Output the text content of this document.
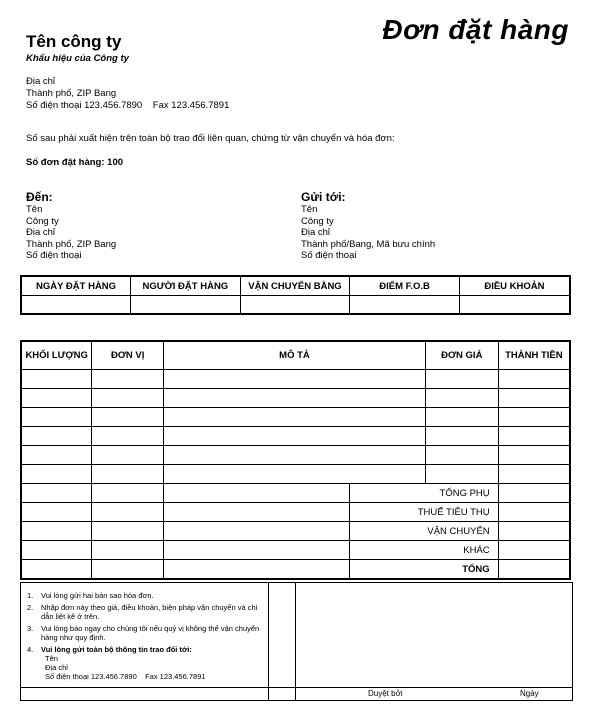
Đơn đặt hàng
Tên công ty
Khẩu hiệu của Công ty
Địa chỉ
Thành phố, ZIP Bang
Số điện thoại 123.456.7890    Fax 123.456.7891
Số sau phải xuất hiện trên toàn bộ trao đổi liên quan, chứng từ vận chuyển và hóa đơn:
Số đơn đặt hàng: 100
Đến:
Tên
Công ty
Địa chỉ
Thành phố, ZIP Bang
Số điện thoại
Gửi tới:
Tên
Công ty
Địa chỉ
Thành phố/Bang, Mã bưu chính
Số điện thoại
NGÀY ĐẶT HÀNG	NGƯỜI ĐẶT HÀNG	VẬN CHUYỂN BẰNG	ĐIỂM F.O.B	ĐIỀU KHOẢN

KHỐI LƯỢNG	ĐƠN VỊ	MÔ TẢ		ĐƠN GIÁ	THÀNH TIỀN

			TỔNG PHỤ		
			THUẾ TIÊU THỤ		
			VẬN CHUYỂN		
			KHÁC		
			TỔNG		
1. Vui lòng gửi hai bản sao hóa đơn.
2. Nhập đơn này theo giá, điều khoản, biện pháp vận chuyển và chỉ dẫn liệt kê ở trên.
3. Vui lòng báo ngay cho chúng tôi nếu quý vị không thể vận chuyển hàng như quy định.
4. Vui lòng gửi toàn bộ thông tin trao đổi tới:
Tên
Địa chỉ
Số điện thoại 123.456.7890    Fax 123.456.7891
Duyệt bởi	Ngày
